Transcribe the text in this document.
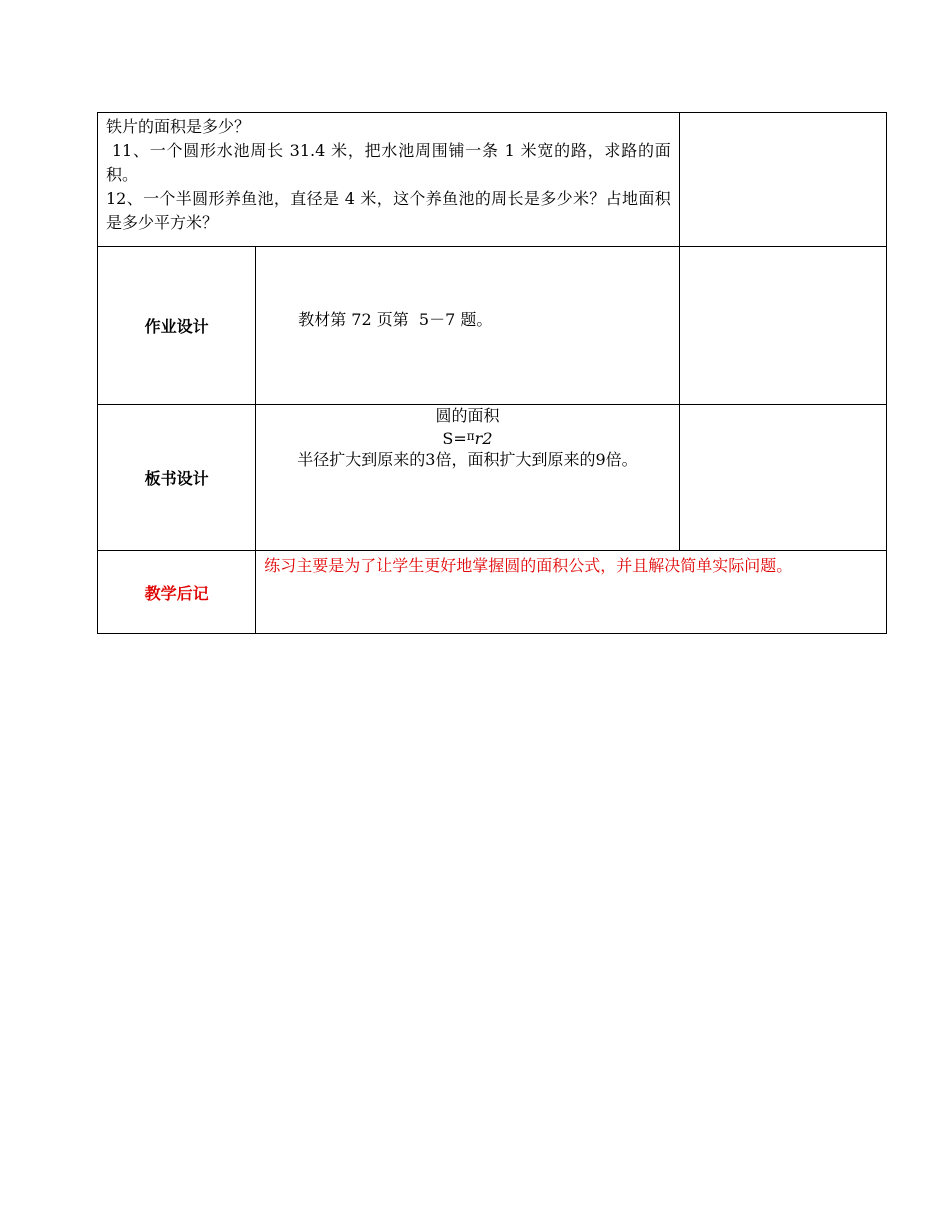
铁片的面积是多少？

11、一个圆形水池周长 31.4 米，把水池周围铺一条 1 米宽的路，求路的面积。

12、一个半圆形养鱼池，直径是 4 米，这个养鱼池的周长是多少米？占地面积是多少平方米？		

作业设计	教材第 72 页第  5－7 题。	

板书设计	圆的面积
S=$^\pi$r2
半径扩大到原来的3倍，面积扩大到原来的9倍。	

教学后记	练习主要是为了让学生更好地掌握圆的面积公式，并且解决简单实际问题。	
